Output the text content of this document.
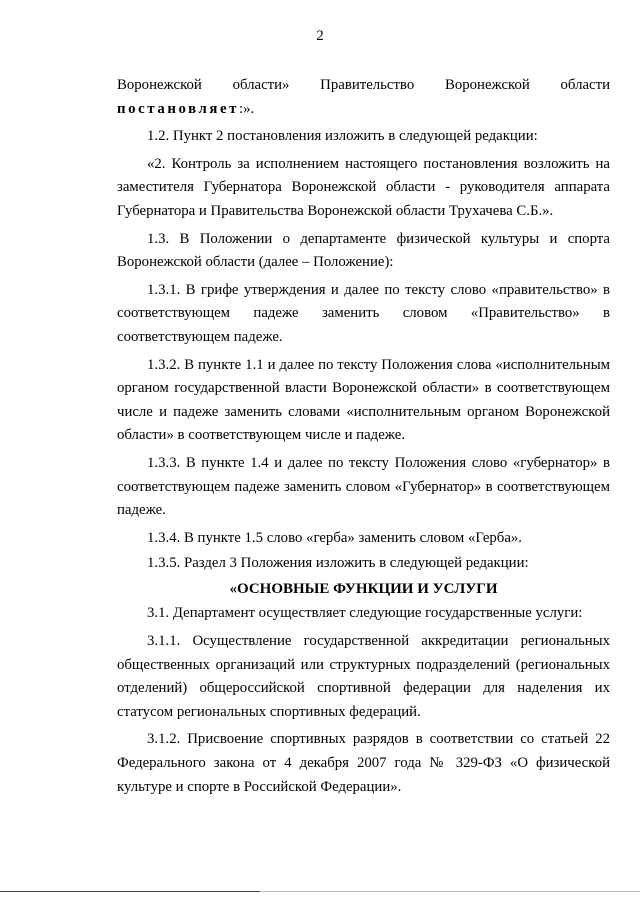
2

Воронежской области» Правительство Воронежской области

постановляет:».

1.2. Пункт 2 постановления изложить в следующей редакции:

«2. Контроль за исполнением настоящего постановления возложить на заместителя Губернатора Воронежской области - руководителя аппарата Губернатора и Правительства Воронежской области Трухачева С.Б.».

1.3. В Положении о департаменте физической культуры и спорта Воронежской области (далее – Положение):

1.3.1. В грифе утверждения и далее по тексту слово «правительство» в соответствующем падеже заменить словом «Правительство» в соответствующем падеже.

1.3.2. В пункте 1.1 и далее по тексту Положения слова «исполнительным органом государственной власти Воронежской области» в соответствующем числе и падеже заменить словами «исполнительным органом Воронежской области» в соответствующем числе и падеже.

1.3.3. В пункте 1.4 и далее по тексту Положения слово «губернатор» в соответствующем падеже заменить словом «Губернатор» в соответствующем падеже.

1.3.4. В пункте 1.5 слово «герба» заменить словом «Герба».

1.3.5. Раздел 3 Положения изложить в следующей редакции:

«ОСНОВНЫЕ ФУНКЦИИ И УСЛУГИ

3.1. Департамент осуществляет следующие государственные услуги:

3.1.1. Осуществление государственной аккредитации региональных общественных организаций или структурных подразделений (региональных отделений) общероссийской спортивной федерации для наделения их статусом региональных спортивных федераций.

3.1.2. Присвоение спортивных разрядов в соответствии со статьей 22 Федерального закона от 4 декабря 2007 года № 329-ФЗ «О физической культуре и спорте в Российской Федерации».
